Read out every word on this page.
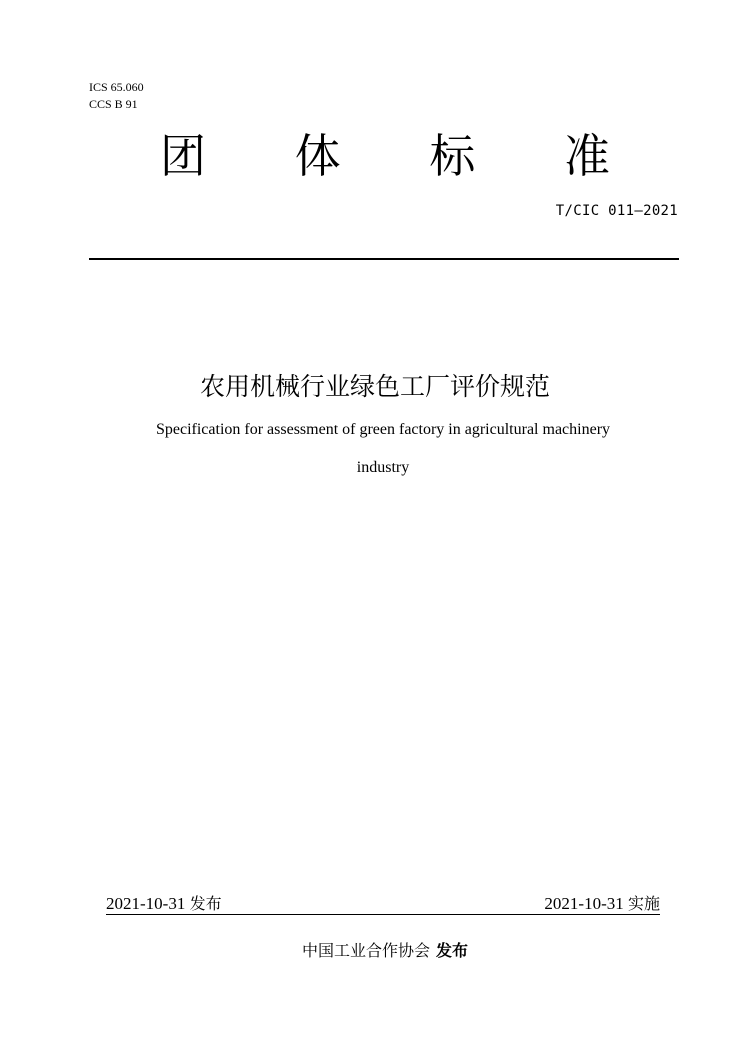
ICS 65.060
CCS B 91
团 体 标 准
T/CIC 011—2021
农用机械行业绿色工厂评价规范
Specification for assessment of green factory in agricultural machinery
industry
2021-10-31 发布	2021-10-31 实施
中国工业合作协会 发布
